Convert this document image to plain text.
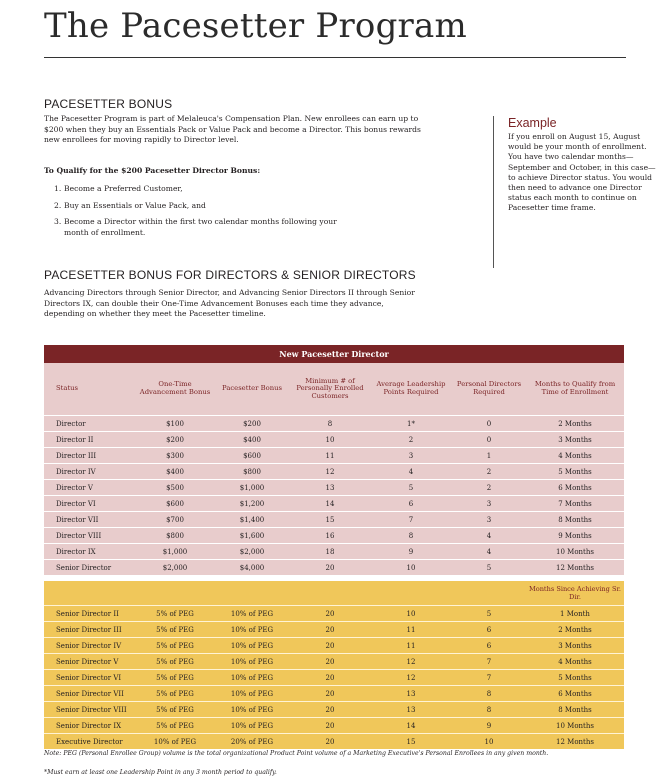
The Pacesetter Program
PACESETTER BONUS

The Pacesetter Program is part of Melaleuca's Compensation Plan. New enrollees can earn up to $200 when they buy an Essentials Pack or Value Pack and become a Director. This bonus rewards new enrollees for moving rapidly to Director level.

To Qualify for the $200 Pacesetter Director Bonus:

1. Become a Preferred Customer,
2. Buy an Essentials or Value Pack, and
3. Become a Director within the first two calendar months following your
month of enrollment.
Example

If you enroll on August 15, August would be your month of enrollment. You have two calendar months—September and October, in this case—to achieve Director status. You would then need to advance one Director status each month to continue on Pacesetter time frame.

PACESETTER BONUS FOR DIRECTORS & SENIOR DIRECTORS

Advancing Directors through Senior Director, and Advancing Senior Directors II through Senior Directors IX, can double their One-Time Advancement Bonuses each time they advance, depending on whether they meet the Pacesetter timeline.

New Pacesetter Director						
Status	One-Time Advancement Bonus	Pacesetter Bonus	Minimum # of Personally Enrolled Customers	Average Leadership Points Required	Personal Directors Required	Months to Qualify from Time of Enrollment
Director	$100	$200	8	1*	0	2 Months
Director II	$200	$400	10	2	0	3 Months
Director III	$300	$600	11	3	1	4 Months
Director IV	$400	$800	12	4	2	5 Months
Director V	$500	$1,000	13	5	2	6 Months
Director VI	$600	$1,200	14	6	3	7 Months
Director VII	$700	$1,400	15	7	3	8 Months
Director VIII	$800	$1,600	16	8	4	9 Months
Director IX	$1,000	$2,000	18	9	4	10 Months
Senior Director	$2,000	$4,000	20	10	5	12 Months

						Months Since Achieving Sr. Dir.
Senior Director II	5% of PEG	10% of PEG	20	10	5	1 Month
Senior Director III	5% of PEG	10% of PEG	20	11	6	2 Months
Senior Director IV	5% of PEG	10% of PEG	20	11	6	3 Months
Senior Director V	5% of PEG	10% of PEG	20	12	7	4 Months
Senior Director VI	5% of PEG	10% of PEG	20	12	7	5 Months
Senior Director VII	5% of PEG	10% of PEG	20	13	8	6 Months
Senior Director VIII	5% of PEG	10% of PEG	20	13	8	8 Months
Senior Director IX	5% of PEG	10% of PEG	20	14	9	10 Months
Executive Director	10% of PEG	20% of PEG	20	15	10	12 Months

Note: PEG (Personal Enrollee Group) volume is the total organizational Product Point volume of a Marketing Executive's Personal Enrollees in any given month.

*Must earn at least one Leadership Point in any 3 month period to qualify.
